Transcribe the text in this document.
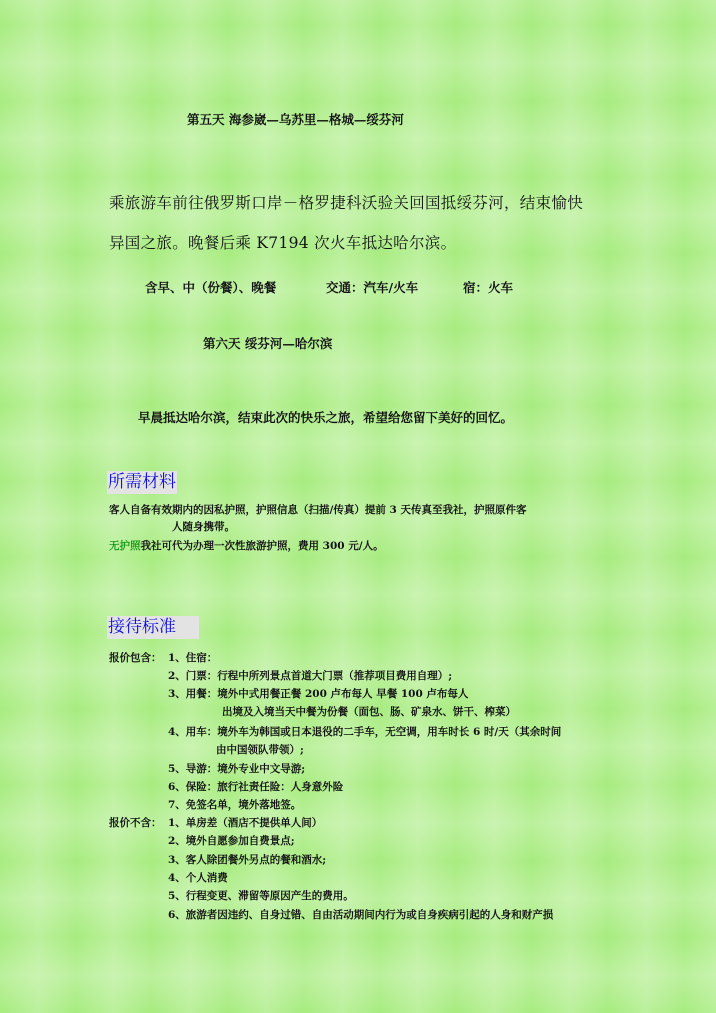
第五天 海参崴—乌苏里—格城—绥芬河
乘旅游车前往俄罗斯口岸－格罗捷科沃验关回国抵绥芬河，结束愉快
异国之旅。晚餐后乘 K7194 次火车抵达哈尔滨。
含早、中（份餐）、晚餐	交通：汽车/火车	宿：火车
第六天 绥芬河—哈尔滨
早晨抵达哈尔滨，结束此次的快乐之旅，希望给您留下美好的回忆。
所需材料
客人自备有效期内的因私护照，护照信息（扫描/传真）提前 3 天传真至我社，护照原件客
人随身携带。
无护照我社可代为办理一次性旅游护照，费用 300 元/人。
接待标准
报价包含： 1、住宿：
2、门票：行程中所列景点首道大门票（推荐项目费用自理）;
3、用餐：境外中式用餐正餐 200 卢布每人 早餐 100 卢布每人
出境及入境当天中餐为份餐（面包、肠、矿泉水、饼干、榨菜）
4、用车：境外车为韩国或日本退役的二手车，无空调，用车时长 6 时/天（其余时间
由中国领队带领）;
5、导游：境外专业中文导游;
6、保险：旅行社责任险：人身意外险
7、免签名单，境外落地签。
报价不含： 1、单房差（酒店不提供单人间）
2、境外自愿参加自费景点;
3、客人除团餐外另点的餐和酒水;
4、个人消费
5、行程变更、滞留等原因产生的费用。
6、旅游者因违约、自身过错、自由活动期间内行为或自身疾病引起的人身和财产损
